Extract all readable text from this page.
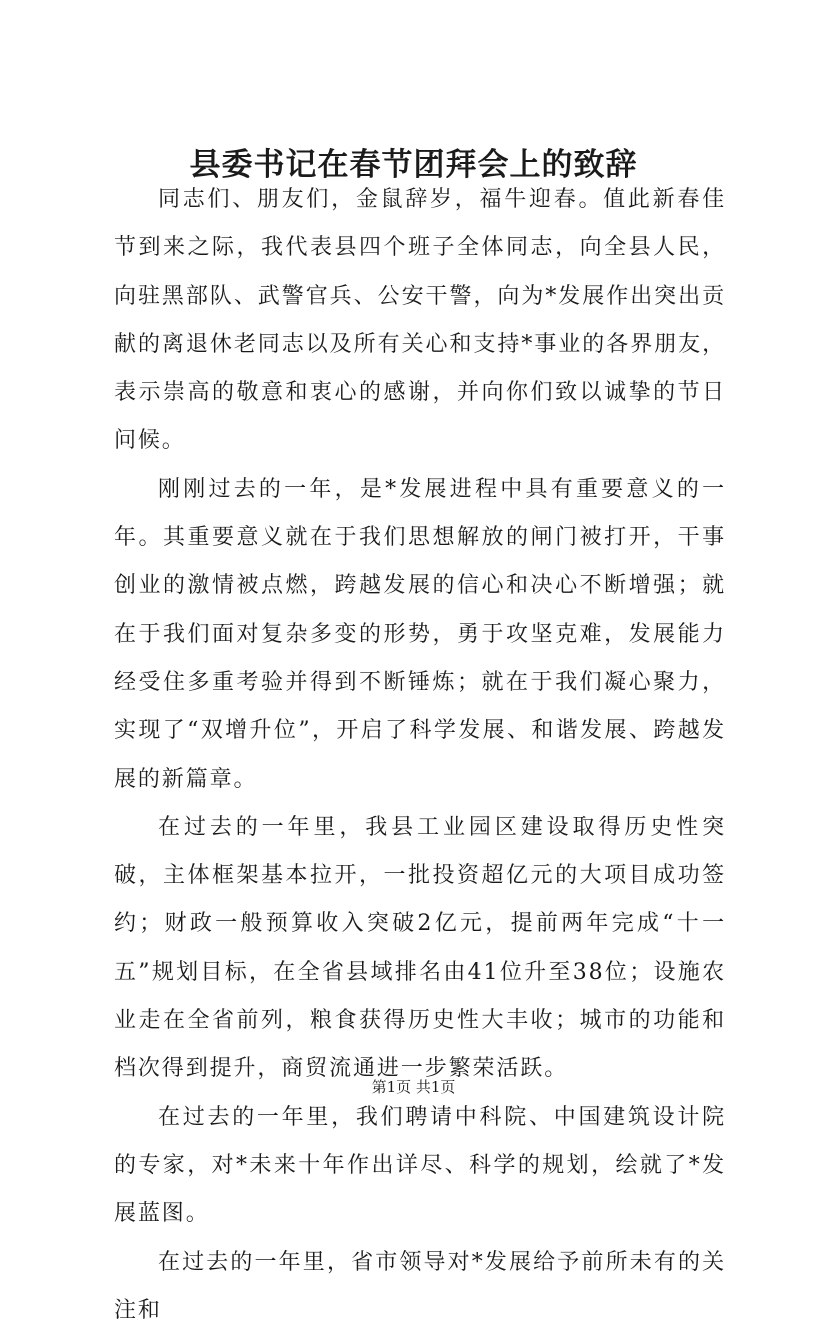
县委书记在春节团拜会上的致辞

同志们、朋友们，金鼠辞岁，福牛迎春。值此新春佳节到来之际，我代表县四个班子全体同志，向全县人民，向驻黑部队、武警官兵、公安干警，向为*发展作出突出贡献的离退休老同志以及所有关心和支持*事业的各界朋友，表示崇高的敬意和衷心的感谢，并向你们致以诚挚的节日问候。

刚刚过去的一年，是*发展进程中具有重要意义的一年。其重要意义就在于我们思想解放的闸门被打开，干事创业的激情被点燃，跨越发展的信心和决心不断增强；就在于我们面对复杂多变的形势，勇于攻坚克难，发展能力经受住多重考验并得到不断锤炼；就在于我们凝心聚力，实现了“双增升位”，开启了科学发展、和谐发展、跨越发展的新篇章。

在过去的一年里，我县工业园区建设取得历史性突破，主体框架基本拉开，一批投资超亿元的大项目成功签约；财政一般预算收入突破2亿元，提前两年完成“十一五”规划目标，在全省县域排名由41位升至38位；设施农业走在全省前列，粮食获得历史性大丰收；城市的功能和档次得到提升，商贸流通进一步繁荣活跃。

在过去的一年里，我们聘请中科院、中国建筑设计院的专家，对*未来十年作出详尽、科学的规划，绘就了*发展蓝图。

在过去的一年里，省市领导对*发展给予前所未有的关注和

第1页 共1页
